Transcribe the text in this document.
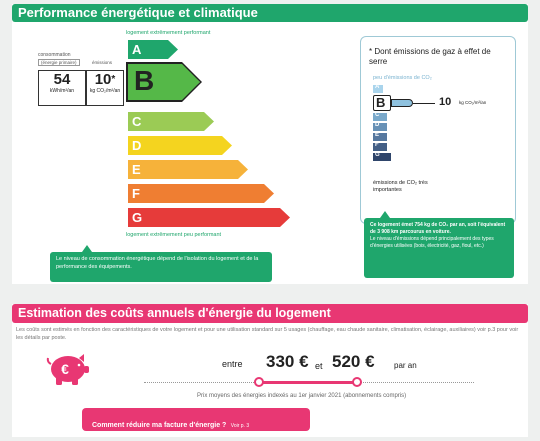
Performance énergétique et climatique
logement extrêmement performant
consommation
(énergie primaire)	émissions
54
kWh/m²/an
10*
kg CO₂/m²/an
A
B
C
D
E
F
G
logement extrêmement peu performant
Le niveau de consommation énergétique dépend de l'isolation du logement et de la performance des équipements.
* Dont émissions de gaz à effet de serre
peu d'émissions de CO₂
A
B	10 kg CO₂/m²/an
C
D
E
F
G
émissions de CO₂ très importantes
Ce logement émet 754 kg de CO₂ par an, soit l'équivalent de 3 908 km parcourus en voiture.
Le niveau d'émissions dépend principalement des types d'énergies utilisées (bois, électricité, gaz, fioul, etc.)
Estimation des coûts annuels d'énergie du logement
Les coûts sont estimés en fonction des caractéristiques de votre logement et pour une utilisation standard sur 5 usages (chauffage, eau chaude sanitaire, climatisation, éclairage, auxiliaires) voir p.3 pour voir les détails par poste.
€	entre 330 € et 520 € par an
Prix moyens des énergies indexés au 1er janvier 2021 (abonnements compris)
Comment réduire ma facture d'énergie ? Voir p. 3
